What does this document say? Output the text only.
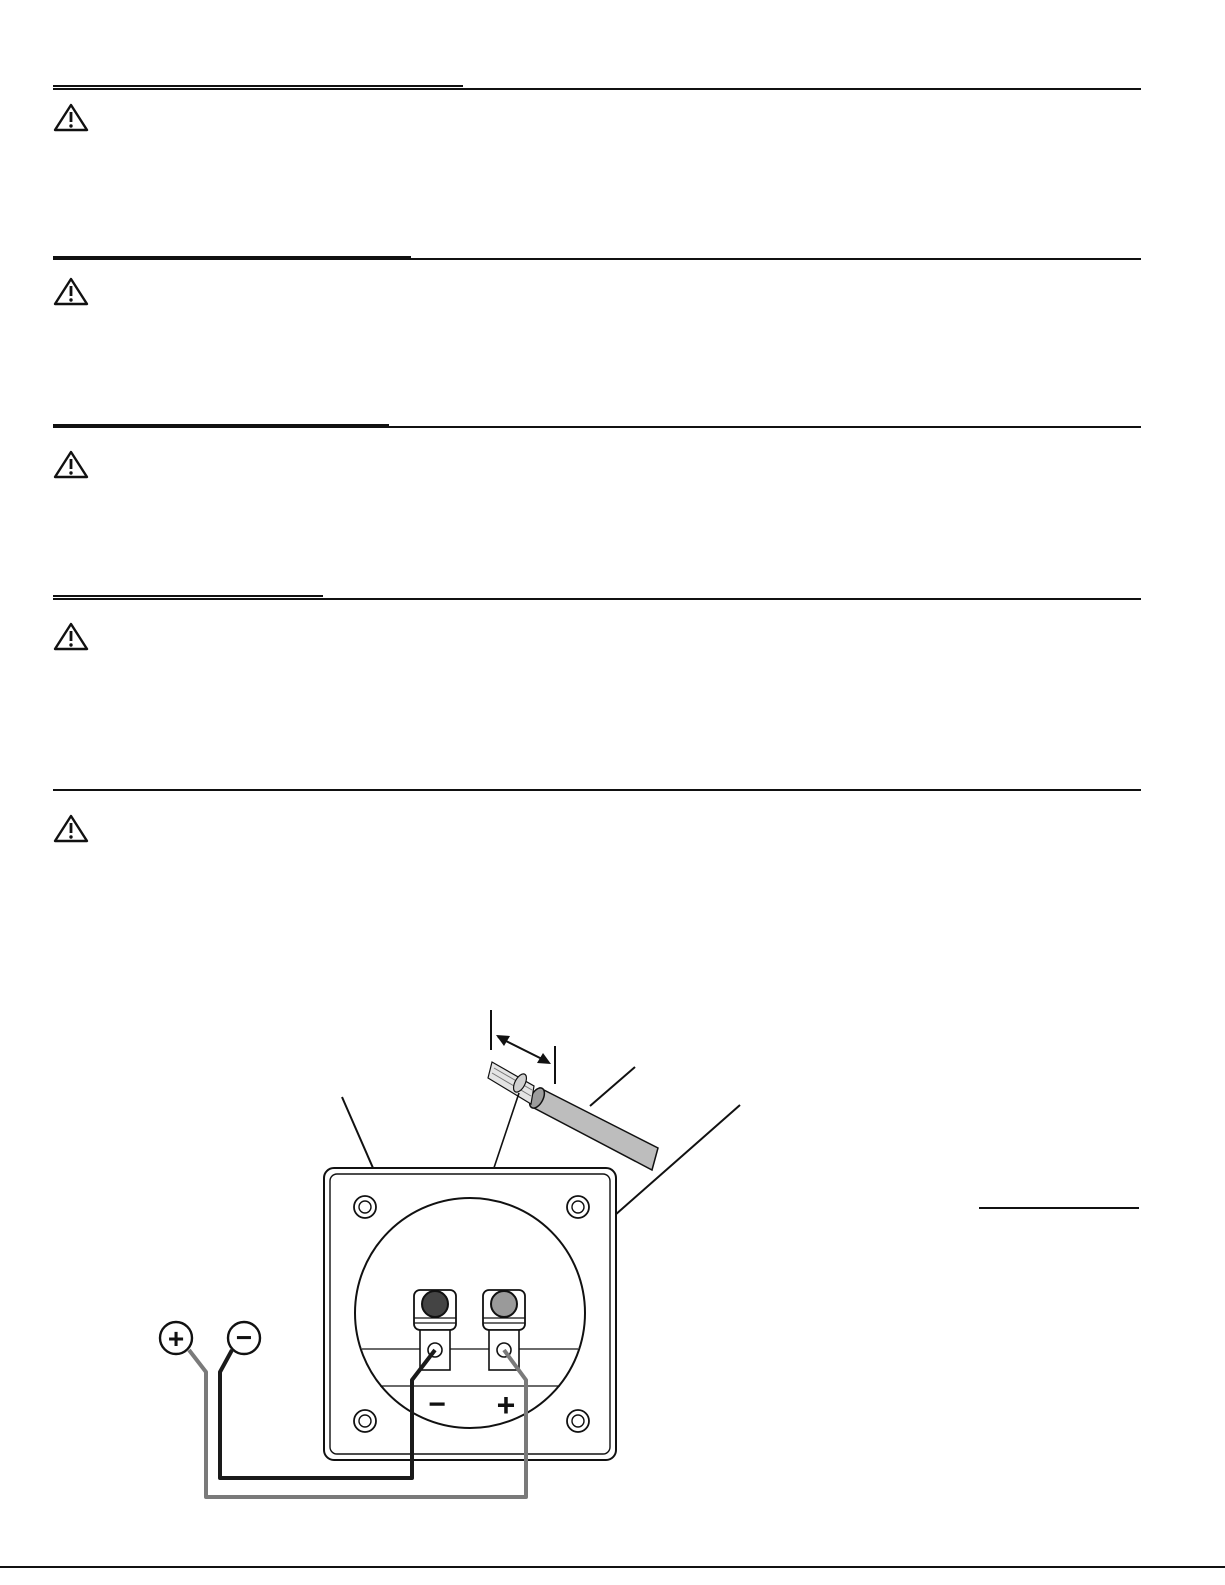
− +
+ −
